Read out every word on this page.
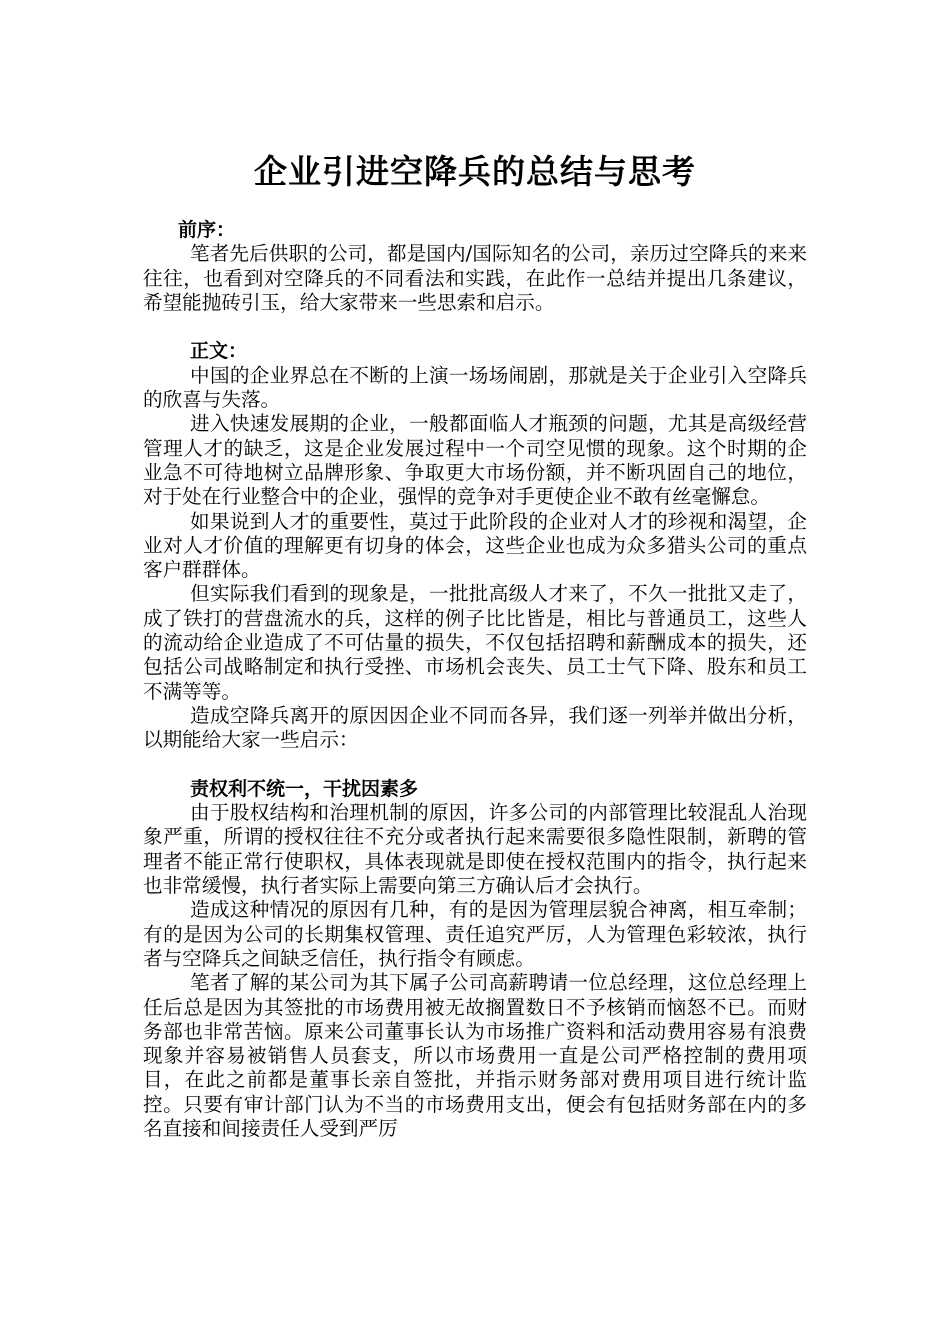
企业引进空降兵的总结与思考

前序：

笔者先后供职的公司，都是国内/国际知名的公司，亲历过空降兵的来来往往，也看到对空降兵的不同看法和实践，在此作一总结并提出几条建议，希望能抛砖引玉，给大家带来一些思索和启示。

正文：

中国的企业界总在不断的上演一场场闹剧，那就是关于企业引入空降兵的欣喜与失落。

进入快速发展期的企业，一般都面临人才瓶颈的问题，尤其是高级经营管理人才的缺乏，这是企业发展过程中一个司空见惯的现象。这个时期的企业急不可待地树立品牌形象、争取更大市场份额，并不断巩固自己的地位，对于处在行业整合中的企业，强悍的竞争对手更使企业不敢有丝毫懈怠。

如果说到人才的重要性，莫过于此阶段的企业对人才的珍视和渴望，企业对人才价值的理解更有切身的体会，这些企业也成为众多猎头公司的重点客户群群体。

但实际我们看到的现象是，一批批高级人才来了，不久一批批又走了，成了铁打的营盘流水的兵，这样的例子比比皆是，相比与普通员工，这些人的流动给企业造成了不可估量的损失，不仅包括招聘和薪酬成本的损失，还包括公司战略制定和执行受挫、市场机会丧失、员工士气下降、股东和员工不满等等。

造成空降兵离开的原因因企业不同而各异，我们逐一列举并做出分析，以期能给大家一些启示：

责权利不统一，干扰因素多

由于股权结构和治理机制的原因，许多公司的内部管理比较混乱人治现象严重，所谓的授权往往不充分或者执行起来需要很多隐性限制，新聘的管理者不能正常行使职权，具体表现就是即使在授权范围内的指令，执行起来也非常缓慢，执行者实际上需要向第三方确认后才会执行。

造成这种情况的原因有几种，有的是因为管理层貌合神离，相互牵制；有的是因为公司的长期集权管理、责任追究严厉，人为管理色彩较浓，执行者与空降兵之间缺乏信任，执行指令有顾虑。

笔者了解的某公司为其下属子公司高薪聘请一位总经理，这位总经理上任后总是因为其签批的市场费用被无故搁置数日不予核销而恼怒不已。而财务部也非常苦恼。原来公司董事长认为市场推广资料和活动费用容易有浪费现象并容易被销售人员套支，所以市场费用一直是公司严格控制的费用项目，在此之前都是董事长亲自签批，并指示财务部对费用项目进行统计监控。只要有审计部门认为不当的市场费用支出，便会有包括财务部在内的多名直接和间接责任人受到严厉
